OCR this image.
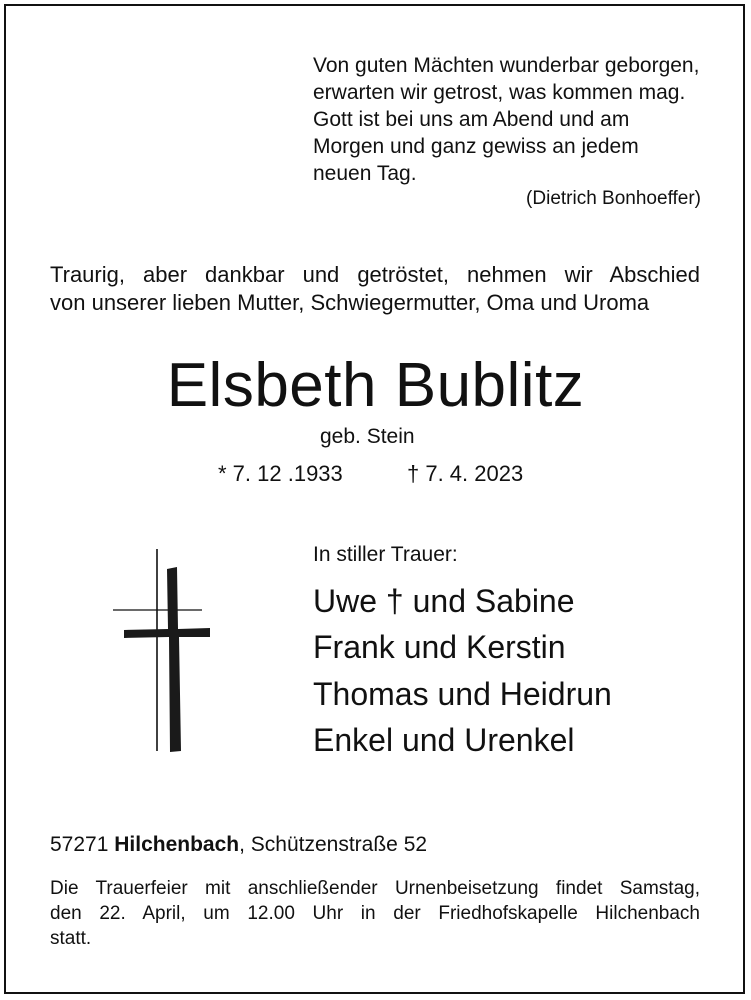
Von guten Mächten wunderbar geborgen,
erwarten wir getrost, was kommen mag.
Gott ist bei uns am Abend und am
Morgen und ganz gewiss an jedem
neuen Tag.
(Dietrich Bonhoeffer)
Traurig, aber dankbar und getröstet, nehmen wir Abschied
von unserer lieben Mutter, Schwiegermutter, Oma und Uroma
Elsbeth Bublitz
geb. Stein
* 7. 12 .1933	† 7. 4. 2023
In stiller Trauer:
Uwe † und Sabine
Frank und Kerstin
Thomas und Heidrun
Enkel und Urenkel
57271 Hilchenbach, Schützenstraße 52
Die Trauerfeier mit anschließender Urnenbeisetzung findet Samstag,
den 22. April, um 12.00 Uhr in der Friedhofskapelle Hilchenbach
statt.
